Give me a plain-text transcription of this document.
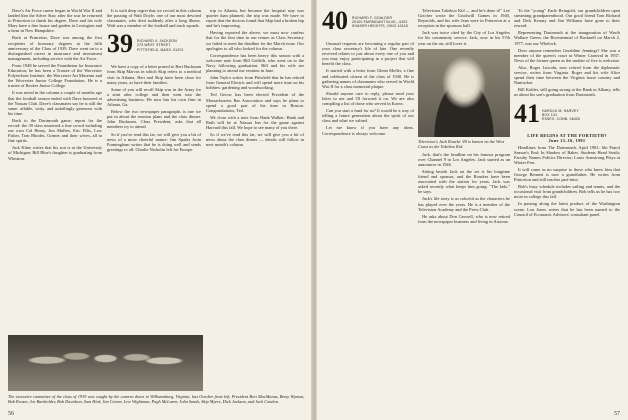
Dave's Air Force career began in World War II and landed him the Silver Star; after the war he returned to Princeton to finish his degree. Dave and his wife Mary have a fine house and garden in Lexington and a farm in New Hampshire.

Back at Princeton, Dave was among the first recipients of honorary degrees at the fifth anniversary of the Class of 1939. Dave went on to a distinguished career in insurance and investment management, including service with the Air Force.

From 1948 he served the Foundation for Insurance Education; he has been a Trustee of the Worcester Polytechnic Institute, the Worcester Art Museum and the Worcester Junior College Foundation. He is a trustee of Becker Junior College.

It was noted in the column a couple of months ago that the football season ended with Dave honored at the Nassau Club. Dave's classmates say he is still the same: affable, witty, and unfailingly generous with his time.

Back to the Dartmouth game, report for the record: the 39 class mustered a fine crowd including our own Cal Henry, Jim Mullen, Eric Ellis, Lew Fisher, Tom Rhodes, Grimes and their wives, all in fine spirits.

Jack Kline writes that his son is at the University of Michigan; Bill Blue's daughter is graduating from Wheaton.

It is with deep regret that we record in this column the passing of Walt Doyle, one of our most devoted classmates, who died suddenly after a long illness. Walt was a member of the football and track squads.

39 RICHARD V. JACKSON
273 WEST STREET
PITTSFIELD, MASS. 01201

We have a copy of a letter posted to Bert Bucknam from Skip Marcus in which Skip refers to a medical visit in Atlanta. Bert and Skip have been close for many years, as have their families.

Some of you will recall Skip was in the Army for a stint after college and then went into the advertising business. He now has his own firm in Atlanta, Ga.

Below the two newspaper paragraphs is one we put in about the reunion plans and the class dinner. John Bucknam, Class President, asks that all members try to attend.

So if you've read this far, we will give you a bit of news of a more cheerful nature: Jim Sparks from Framingham writes that he is doing well and sends greetings to all. Charlie Nicholas left for Europe.

trip to Atlanta, but because the hospital stay was quieter than planned, the trip was made. We have to report that the doctors found that Skip had a broken hip and he's improving.

Having reported the above, we must now confess that for the first time in our tenure as Class Secretary we failed to meet the deadline for the March issue. Our apologies to all who looked for the column.

Correspondence has been heavy this season with a welcome note from Bill Griffith, who went on to the Navy following graduation. Bill and his wife are planning to attend our reunion in June.

John Taylor writes from Pittsfield that he has retired from General Electric and will spend more time on his hobbies: gardening and woodworking.

Ted Gerow has been elected President of the Massachusetts Bar Association and says he plans to spend a good part of his time in Boston. Congratulations, Ted.

We close with a note from Hank Walker: Hank and Ruth will be at Nassau Inn for the game against Harvard this fall. We hope to see many of you there.

So if we've read this far, we will give you a bit of news about the class dinner — details will follow in next month's column.

The executive committee of the class of 1939 was caught by the camera down in Williamsburg, Virginia, last October from left, President Bert MacManus, Betsy Wyman, Bob Kruser, Joe Bartholder, Bob Davidson, Sam Hird, Jim Corner, Lew Wightman, Pugh McLaren, John Sands, Skip Myers, Dick Jackson, and Jack Condon.
56
40 RICHARD F. GOALDER
20100 FAIRMOUNT BLVD., #202
SHAKER HEIGHTS, OHIO 44118

Unusual requests are becoming a regular part of your class secretary's life of late. One recently received relates to just about every one of you and you may enjoy participating in a project that will benefit the class.

It started with a letter from Glenn Moller, a fine and celebrated citizen of the class of 1940. He is gathering names of classmates who served in World War II for a class memorial plaque.

Should anyone care to reply, please send your letter to me and I'll forward it on. We are also compiling a list of those who served in Korea.

Can you start a fund for us? It would be a way of telling a future generation about the spirit of our class and what we valued.

Let me know if you have any ideas. Correspondence is always welcome.

Television Tokeboo Kid — and he's done it!" Lee Gotcher wrote the Goodwill Games in 1940, Reynolds, and his wife Jean were in Princeton at a reception in the sponsors hall.

Jack was twice cited by the City of Los Angeles for his community service. Jack, now in his 57th year on the air, still loves it.

Television's Jack Rourke '40 is known on the West Coast as the Tokeboo Kid.

Jack, that's the headline on his famous program over Channel 9 in Los Angeles. Jack started as an announcer in 1946.

Sitting beside Jack on the set is his longtime friend and sponsor, and the Rourkes have been associated with the station for years. Jack was asked recently what keeps him going: "The kids," he says.

Jack's life story is as colorful as the characters he has played over the years. He is a member of the Television Academy and the Press Club.

He asks about Don Caswell, who is now retired from the newspaper business and living in Arizona.

To the "young" Earle Reingold, our grandchildren open streaming grandparenthood. Our good friend Tom Richard and Dick Kearny and Jim Williams have gone to their reward.

Representing Dartmouth at the inauguration of Worth Wallace Green, the Bicentennial of Bucknell on March 2, 1977, was our Whelock.

Does anyone remember Geraldine Jennings? She was a member of the queen's court at Winter Carnival in 1937. News of the former queen as the mother of five is welcome.

Also, Roger Lincoln, now retired from the diplomatic service, writes from Virginia. Roger and his wife Alice spend their time between the Virginia horse country and Nantucket.

Bill Kohler, still going strong at the Bank in Albany, tells us about his son's graduation from Dartmouth.

41 HAROLD M. HARVEY
BOX 131
ESSEX, CONN. 06426
LIFE BEGINS AT THE FORTIETH?
June 13–16, 1981

Headlines from The Dartmouth, April 1981: Ski Patrol Season's End; In Shadow of Baker, Students Head South; Faculty Names Politics Director; Louis Armstrong Plays at Winter Fest.

It will come as no surprise to those who knew him that George Bennett is now a grandfather. He writes from Princeton and still teaches part-time.

Bob's busy schedule includes sailing and tennis, and the occasional visit from grandchildren. Bob tells us he has two more in college this fall.

In passing along the latest product of the Washington scene, Lou Jones writes that he has been named to the Council of Economic Advisors' consultant panel.

57
